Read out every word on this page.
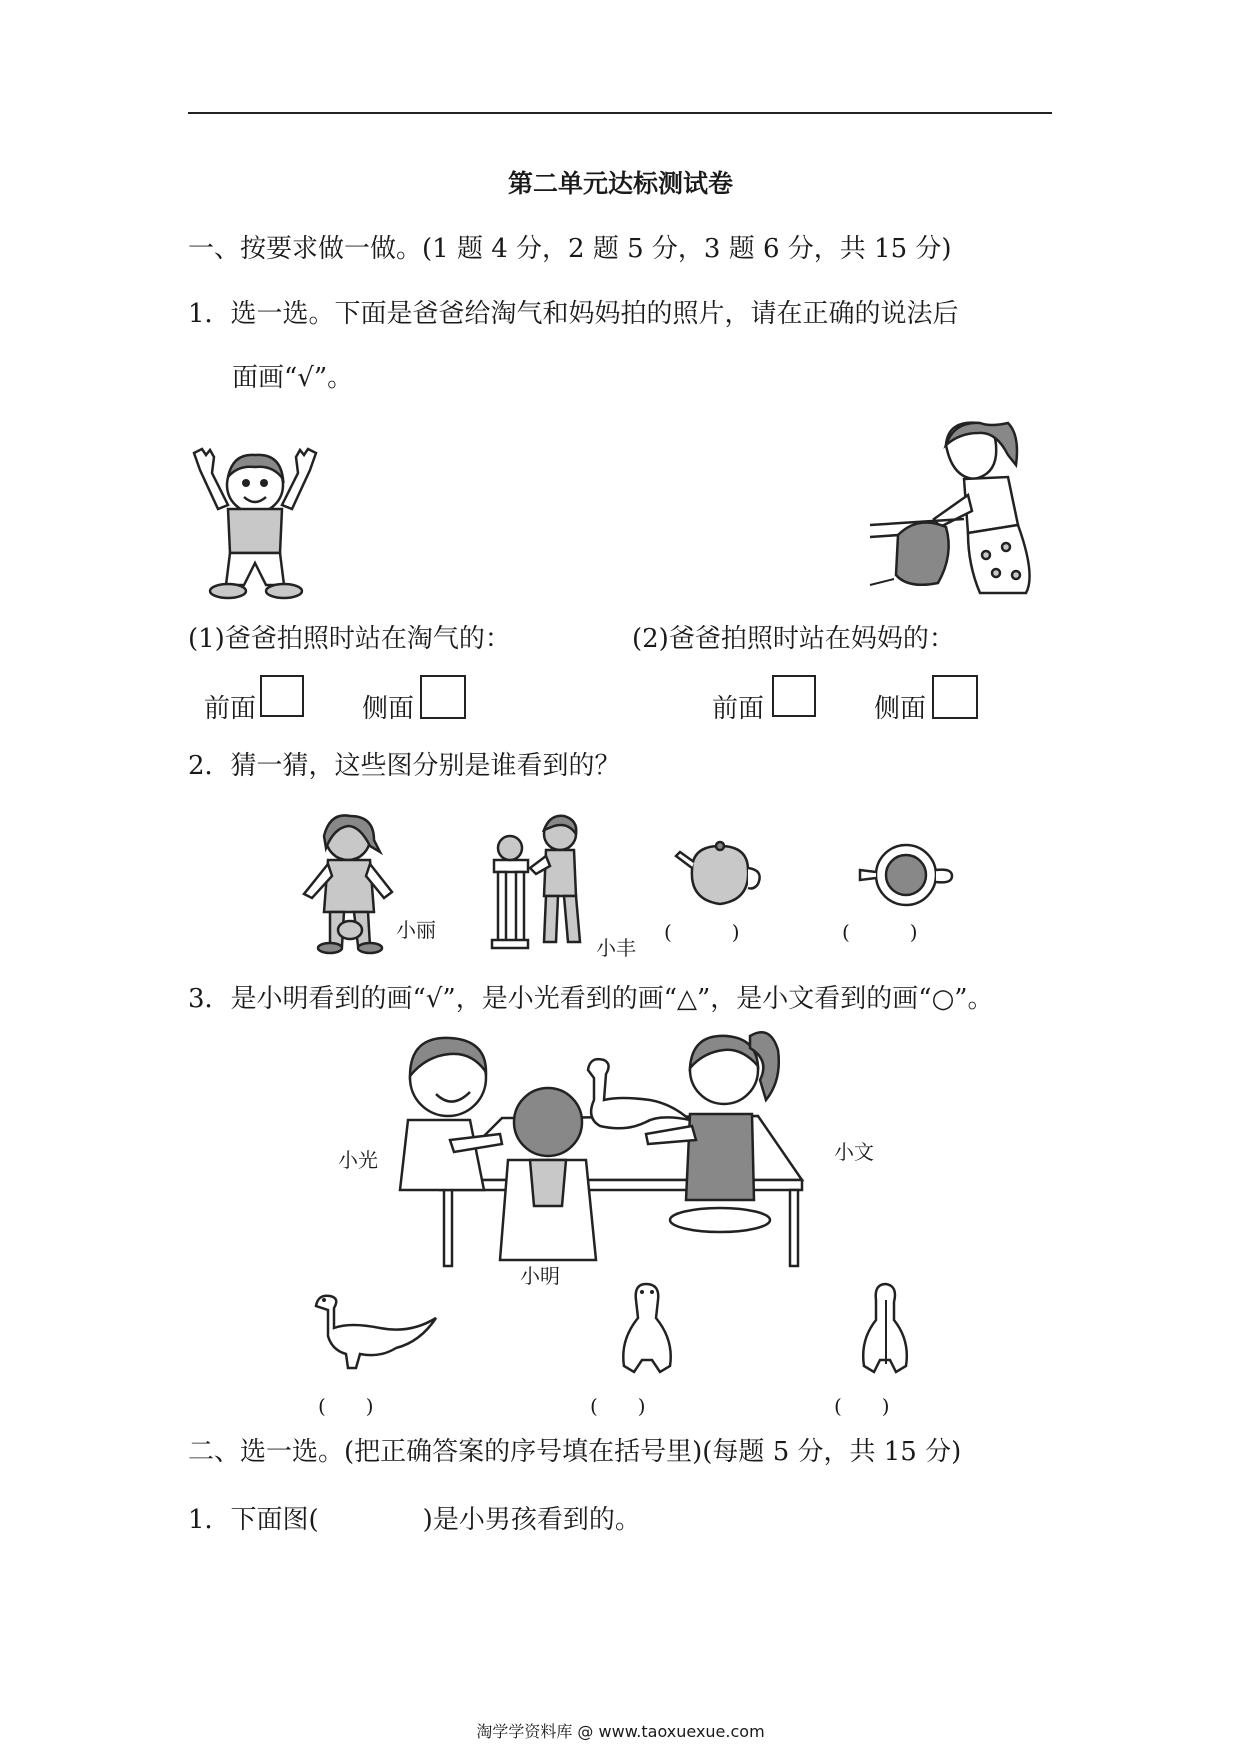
第二单元达标测试卷
一、按要求做一做。(1 题 4 分，2 题 5 分，3 题 6 分，共 15 分)
1．选一选。下面是爸爸给淘气和妈妈拍的照片，请在正确的说法后
面画“√”。
(1)爸爸拍照时站在淘气的：	(2)爸爸拍照时站在妈妈的：
前面	侧面	前面	侧面
2．猜一猜，这些图分别是谁看到的？
小丽
小丰
(　　　)	(　　　)
3．是小明看到的画“√”，是小光看到的画“△”，是小文看到的画“○”。
小光	小文
小明
(　　)	(　　)	(　　)
二、选一选。(把正确答案的序号填在括号里)(每题 5 分，共 15 分)
1．下面图(　　　　)是小男孩看到的。
淘学学资料库 @ www.taoxuexue.com
